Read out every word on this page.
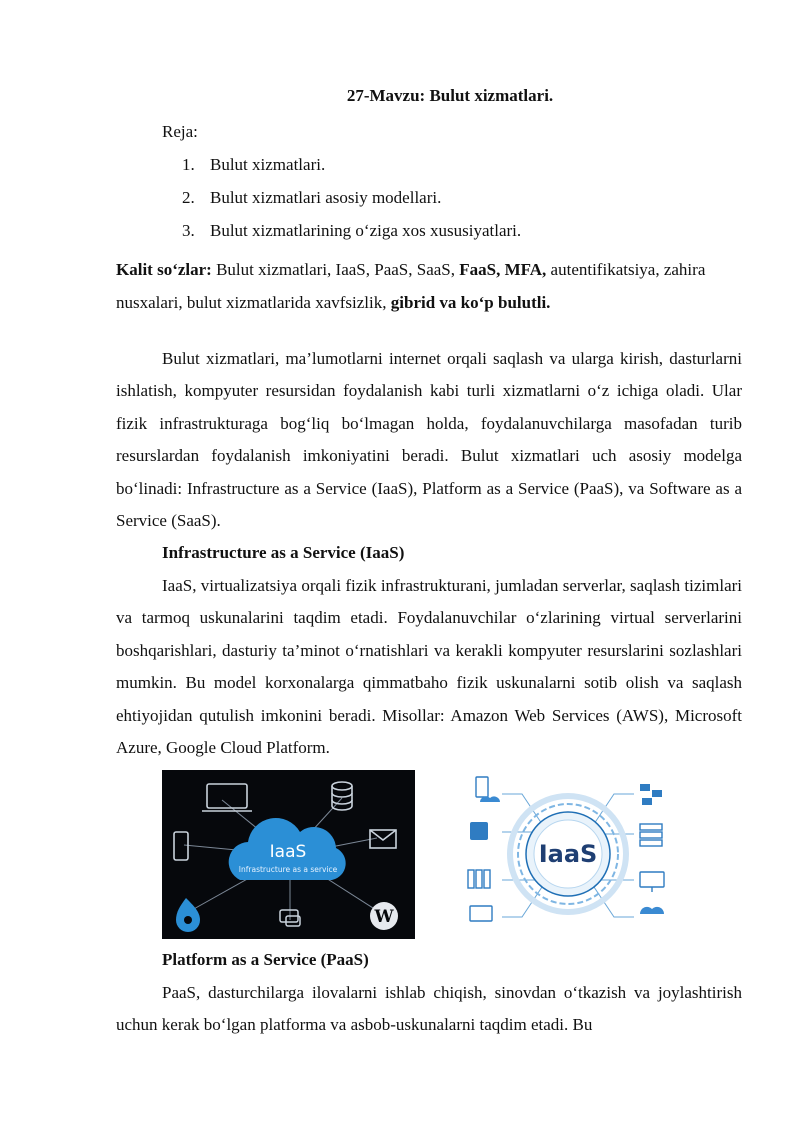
27-Mavzu: Bulut xizmatlari.
Reja:
1. Bulut xizmatlari.
2. Bulut xizmatlari asosiy modellari.
3. Bulut xizmatlarining o‘ziga xos xususiyatlari.
Kalit so‘zlar: Bulut xizmatlari, IaaS, PaaS, SaaS, FaaS, MFA, autentifikatsiya, zahira nusxalari, bulut xizmatlarida xavfsizlik, gibrid va ko‘p bulutli.

Bulut xizmatlari, ma’lumotlarni internet orqali saqlash va ularga kirish, dasturlarni ishlatish, kompyuter resursidan foydalanish kabi turli xizmatlarni o‘z ichiga oladi. Ular fizik infrastrukturaga bog‘liq bo‘lmagan holda, foydalanuvchilarga masofadan turib resurslardan foydalanish imkoniyatini beradi. Bulut xizmatlari uch asosiy modelga bo‘linadi: Infrastructure as a Service (IaaS), Platform as a Service (PaaS), va Software as a Service (SaaS).

Infrastructure as a Service (IaaS)

IaaS, virtualizatsiya orqali fizik infrastrukturani, jumladan serverlar, saqlash tizimlari va tarmoq uskunalarini taqdim etadi. Foydalanuvchilar o‘zlarining virtual serverlarini boshqarishlari, dasturiy ta’minot o‘rnatishlari va kerakli kompyuter resurslarini sozlashlari mumkin. Bu model korxonalarga qimmatbaho fizik uskunalarni sotib olish va saqlash ehtiyojidan qutulish imkonini beradi. Misollar: Amazon Web Services (AWS), Microsoft Azure, Google Cloud Platform.

IaaS
Infrastructure as a service
W
IaaS
Platform as a Service (PaaS)

PaaS, dasturchilarga ilovalarni ishlab chiqish, sinovdan o‘tkazish va joylashtirish uchun kerak bo‘lgan platforma va asbob-uskunalarni taqdim etadi. Bu
